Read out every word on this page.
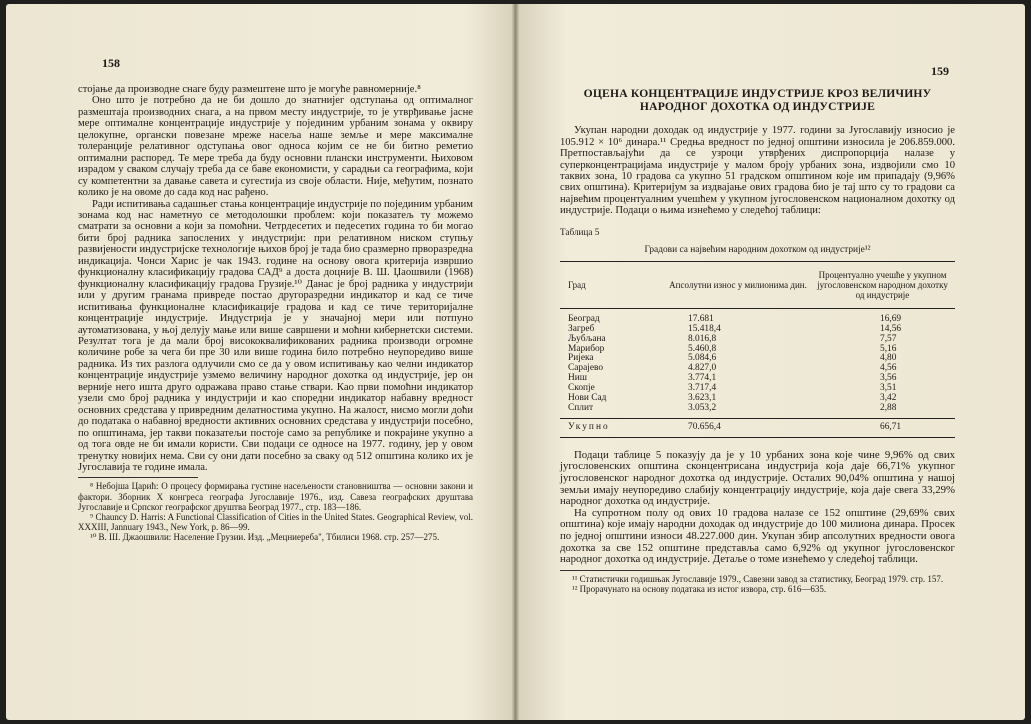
158

стојање да производне снаге буду размештене што је могуће равномерније.⁸

Оно што је потребно да не би дошло до знатнијег одступања од оптималног размештаја производних снага, а на првом месту индустрије, то је утврђивање јасне мере оптималне концентрације индустрије у појединим урбаним зонама у оквиру целокупне, органски повезане мреже насеља наше земље и мере максималне толеранције релативног одступања овог односа којим се не би битно реметио оптимални распоред. Те мере треба да буду основни плански инструменти. Њиховом израдом у сваком случају треба да се баве економисти, у сарадњи са географима, који су компетентни за давање савета и сугестија из своје области. Није, међутим, познато колико је на овоме до сада код нас рађено.

Ради испитивања садашњег стања концентрације индустрије по појединим урбаним зонама код нас наметнуо се методолошки проблем: који показатељ ту можемо сматрати за основни а који за помоћни. Четрдесетих и педесетих година то би могао бити број радника запослених у индустрији: при релативном ниском ступњу развијености индустријске технологије њихов број је тада био сразмерно прворазредна индикација. Чонси Харис је чак 1943. године на основу овога критерија извршио функционалну класификацију градова САД⁹ а доста доцније В. Ш. Џаошвили (1968) функционалну класификацију градова Грузије.¹⁰ Данас је број радника у индустрији или у другим гранама привреде постао другоразредни индикатор и кад се тиче испитивања функционалне класификације градова и кад се тиче територијалне концентрације индустрије. Индустрија је у значајној мери или потпуно аутоматизована, у њој делују мање или више савршени и моћни кибернетски системи. Резултат тога је да мали број висококвалификованих радника производи огромне количине робе за чега би пре 30 или више година било потребно неупоредиво више радника. Из тих разлога одлучили смо се да у овом испитивању као челни индикатор концентрације индустрије узмемо величину народног дохотка од индустрије, јер он верније него ишта друго одражава право стање ствари. Као први помоћни индикатор узели смо број радника у индустрији и као споредни индикатор набавну вредност основних средстава у привредним делатностима укупно. На жалост, нисмо могли доћи до података о набавној вредности активних основних средстава у индустрији посебно, по општинама, јер такви показатељи постоје само за републике и покрајине укупно а од тога овде не би имали користи. Сви подаци се односе на 1977. годину, јер у овом тренутку новијих нема. Сви су они дати посебно за сваку од 512 општина колико их је Југославија те године имала.

⁸ Небојша Царић: О процесу формирања густине насељености становништва — основни закони и фактори. Зборник X конгреса географа Југославије 1976., изд. Савеза географских друштава Југославије и Српског географског друштва Београд 1977., стр. 183—186.

⁹ Chauncy D. Harris: A Functional Classification of Cities in the United States. Geographical Review, vol. XXXIII, Jannuary 1943., New York, p. 86—99.

¹⁰ В. Ш. Джаошвили: Население Грузии. Изд. „Мецниереба", Тбилиси 1968. стр. 257—275.

159
ОЦЕНА КОНЦЕНТРАЦИЈЕ ИНДУСТРИЈЕ КРОЗ ВЕЛИЧИНУ НАРОДНОГ ДОХОТКА ОД ИНДУСТРИЈЕ

Укупан народни доходак од индустрије у 1977. години за Југославију износио је 105.912 × 10⁶ динара.¹¹ Средња вредност по једној општини износила је 206.859.000. Претпостављајући да се узроци утврђених диспропорција налазе у суперконцентрацијама индустрије у малом броју урбаних зона, издвојили смо 10 таквих зона, 10 градова са укупно 51 градском општином које им припадају (9,96% свих општина). Критеријум за издвајање ових градова био је тај што су то градови са највећим процентуалним учешћем у укупном југословенском националном дохотку од индустрије. Подаци о њима изнећемо у следећој таблици:

Таблица 5
Градови са највећим народним дохотком од индустрије¹²
Град	Апсолутни износ у милионима дин.	Процентуално учешће у укупном југословенском народном дохотку од индустрије
Београд	17.681	16,69
Загреб	15.418,4	14,56
Љубљана	8.016,8	7,57
Марибор	5.460,8	5,16
Ријека	5.084,6	4,80
Сарајево	4.827,0	4,56
Ниш	3.774,1	3,56
Скопје	3.717,4	3,51
Нови Сад	3.623,1	3,42
Сплит	3.053,2	2,88
Укупно	70.656,4	66,71

Подаци таблице 5 показују да је у 10 урбаних зона које чине 9,96% од свих југословенских општина сконцентрисана индустрија која даје 66,71% укупног југословенског народног дохотка од индустрије. Осталих 90,04% општина у нашој земљи имају неупоредиво слабију концентрацију индустрије, која даје свега 33,29% народног дохотка од индустрије.

На супротном полу од ових 10 градова налазе се 152 општине (29,69% свих општина) које имају народни доходак од индустрије до 100 милиона динара. Просек по једној општини износи 48.227.000 дин. Укупан збир апсолутних вредности овога дохотка за све 152 општине представља само 6,92% од укупног југословенског народног дохотка од индустрије. Детаље о томе изнећемо у следећој таблици.

¹¹ Статистички годишњак Југославије 1979., Савезни завод за статистику, Београд 1979. стр. 157.

¹² Прорачунато на основу података из истог извора, стр. 616—635.
